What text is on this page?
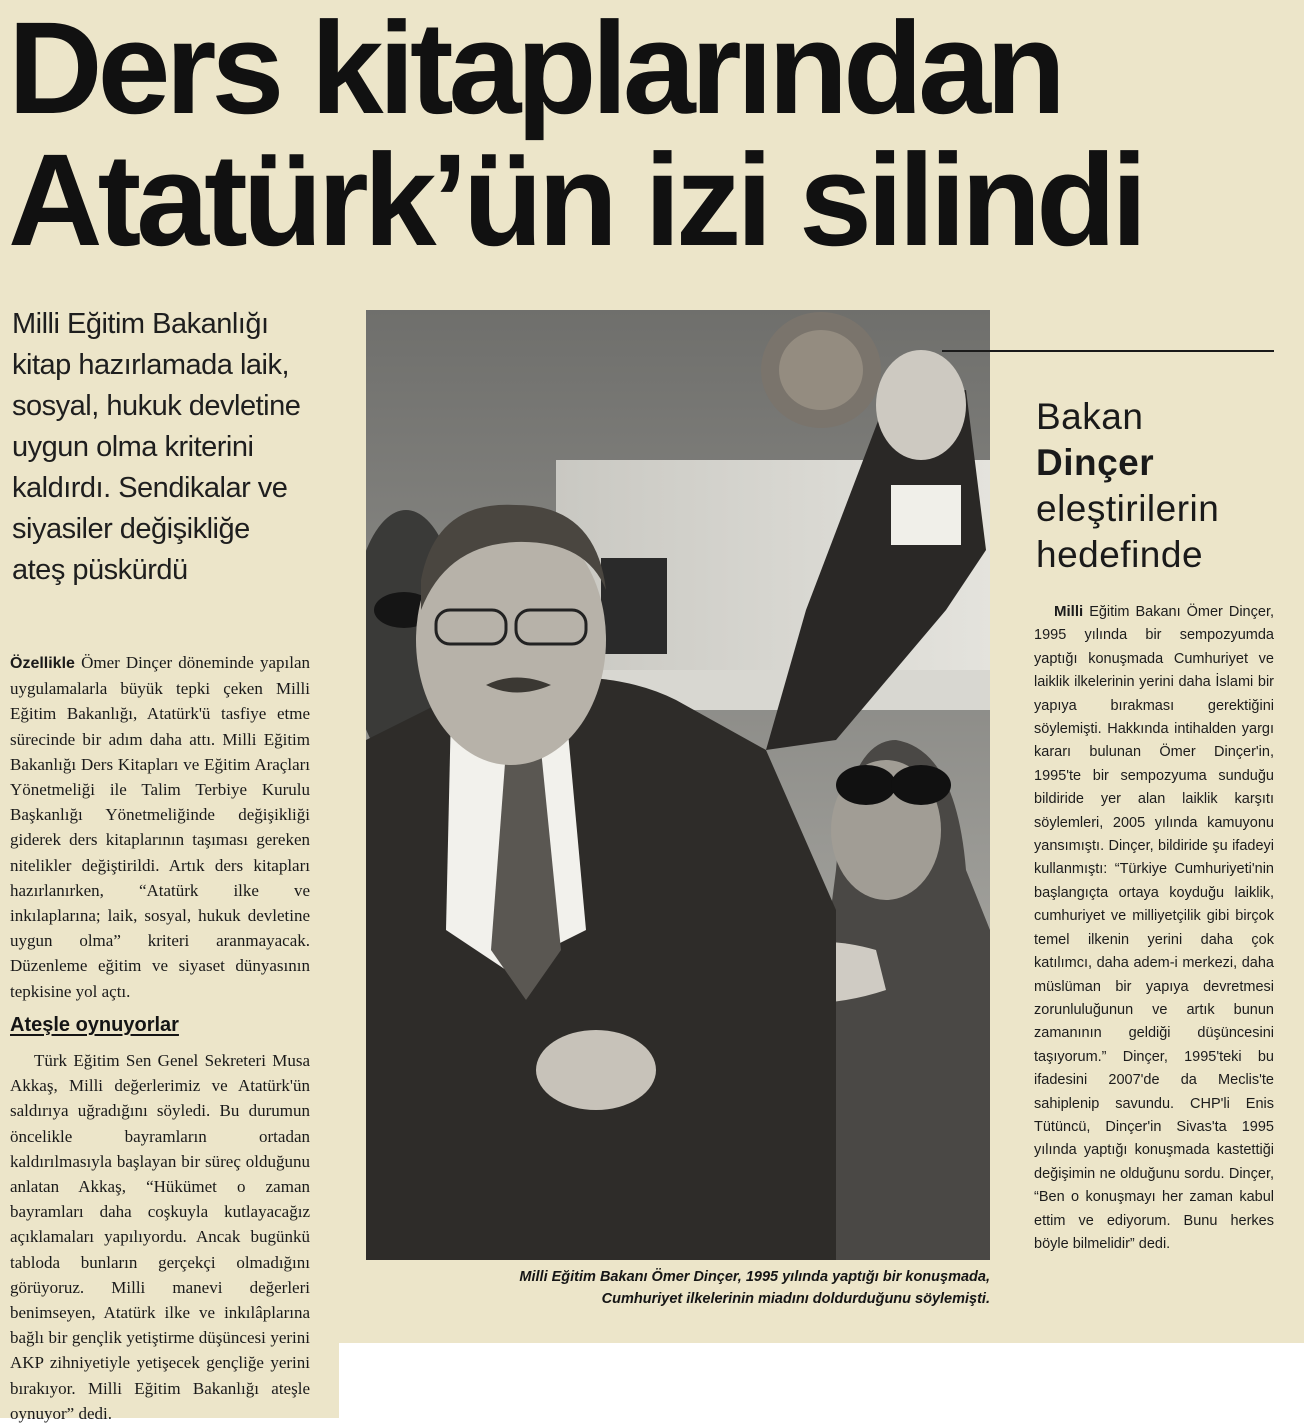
Ders kitaplarından
Atatürk’ün izi silindi
Milli Eğitim Bakanlığı
kitap hazırlamada laik,
sosyal, hukuk devletine
uygun olma kriterini
kaldırdı. Sendikalar ve
siyasiler değişikliğe
ateş püskürdü

Özellikle Ömer Dinçer döneminde yapılan uygulamalarla büyük tepki çeken Milli Eğitim Bakanlığı, Atatürk'ü tasfiye etme sürecinde bir adım daha attı. Milli Eğitim Bakanlığı Ders Kitapları ve Eğitim Araçları Yönetmeliği ile Talim Terbiye Kurulu Başkanlığı Yönetmeliğinde değişikliği giderek ders kitaplarının taşıması gereken nitelikler değiştirildi. Artık ders kitapları hazırlanırken, “Atatürk ilke ve inkılaplarına; laik, sosyal, hukuk devletine uygun olma” kriteri aranmayacak. Düzenleme eğitim ve siyaset dünyasının tepkisine yol açtı.

Ateşle oynuyorlar

Türk Eğitim Sen Genel Sekreteri Musa Akkaş, Milli değerlerimiz ve Atatürk'ün saldırıya uğradığını söyledi. Bu durumun öncelikle bayramların ortadan kaldırılmasıyla başlayan bir süreç olduğunu anlatan Akkaş, “Hükümet o zaman bayramları daha coşkuyla kutlayacağız açıklamaları yapılıyordu. Ancak bugünkü tabloda bunların gerçekçi olmadığını görüyoruz. Milli manevi değerleri benimseyen, Atatürk ilke ve inkılâplarına bağlı bir gençlik yetiştirme düşüncesi yerini AKP zihniyetiyle yetişecek gençliğe yerini bırakıyor. Milli Eğitim Bakanlığı ateşle oynuyor” dedi.

Milli Eğitim Bakanı Ömer Dinçer, 1995 yılında yaptığı bir konuşmada,
Cumhuriyet ilkelerinin miadını doldurduğunu söylemişti.
Bakan
Dinçer
eleştirilerin
hedefinde

Milli Eğitim Bakanı Ömer Dinçer, 1995 yılında bir sempozyumda yaptığı konuşmada Cumhuriyet ve laiklik ilkelerinin yerini daha İslami bir yapıya bırakması gerektiğini söylemişti. Hakkında intihalden yargı kararı bulunan Ömer Dinçer'in, 1995'te bir sempozyuma sunduğu bildiride yer alan laiklik karşıtı söylemleri, 2005 yılında kamuyonu yansımıştı. Dinçer, bildiride şu ifadeyi kullanmıştı: “Türkiye Cumhuriyeti'nin başlangıçta ortaya koyduğu laiklik, cumhuriyet ve milliyetçilik gibi birçok temel ilkenin yerini daha çok katılımcı, daha adem-i merkezi, daha müslüman bir yapıya devretmesi zorunluluğunun ve artık bunun zamanının geldiği düşüncesini taşıyorum.” Dinçer, 1995'teki bu ifadesini 2007'de da Meclis'te sahiplenip savundu. CHP'li Enis Tütüncü, Dinçer'in Sivas'ta 1995 yılında yaptığı konuşmada kastettiği değişimin ne olduğunu sordu. Dinçer, “Ben o konuşmayı her zaman kabul ettim ve ediyorum. Bunu herkes böyle bilmelidir” dedi.
